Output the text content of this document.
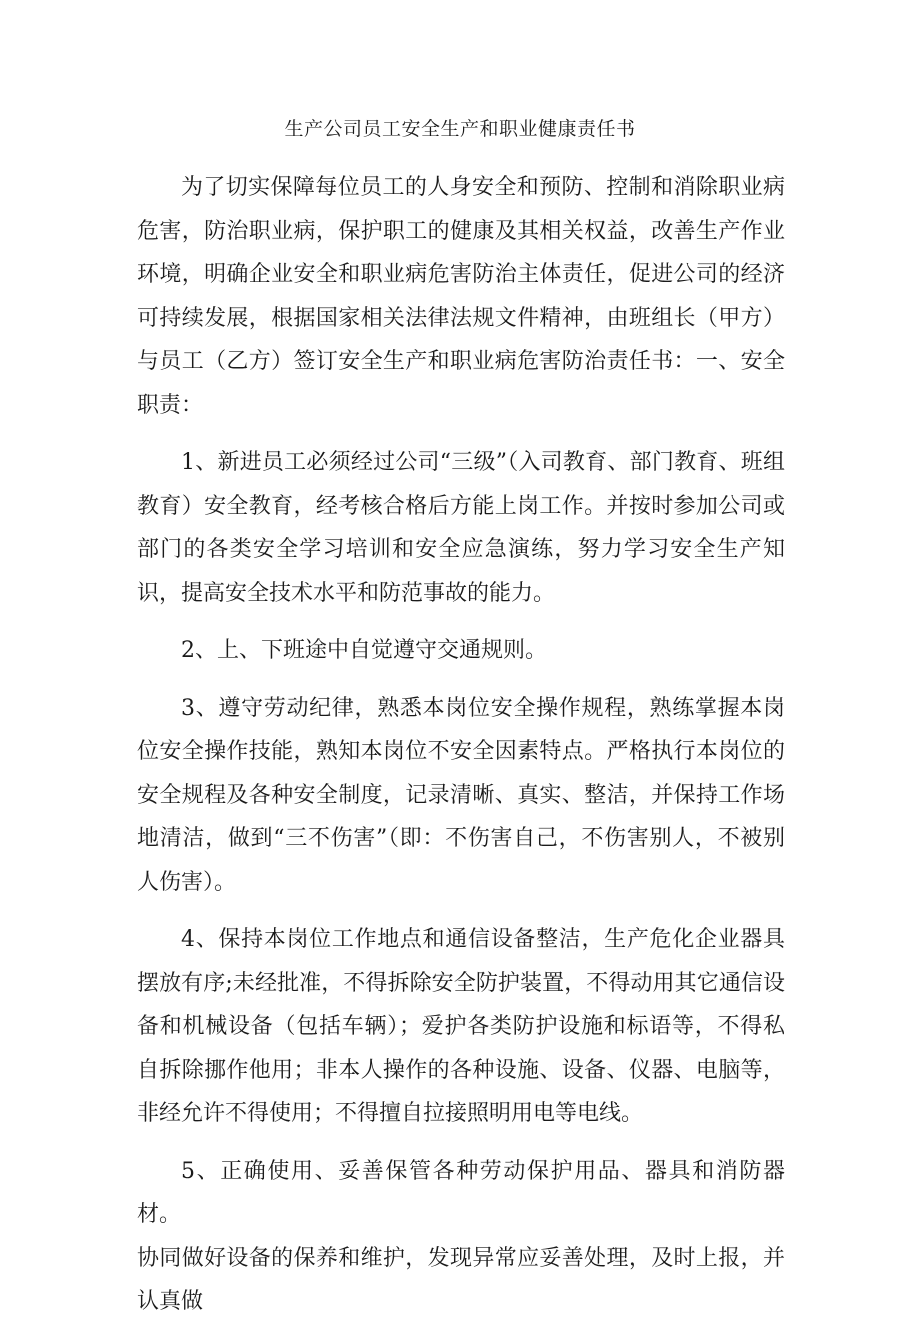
生产公司员工安全生产和职业健康责任书

为了切实保障每位员工的人身安全和预防、控制和消除职业病危害，防治职业病，保护职工的健康及其相关权益，改善生产作业环境，明确企业安全和职业病危害防治主体责任，促进公司的经济可持续发展，根据国家相关法律法规文件精神，由班组长（甲方）与员工（乙方）签订安全生产和职业病危害防治责任书：一、安全职责：

1、新进员工必须经过公司“三级”（入司教育、部门教育、班组教育）安全教育，经考核合格后方能上岗工作。并按时参加公司或部门的各类安全学习培训和安全应急演练，努力学习安全生产知识，提高安全技术水平和防范事故的能力。

2、上、下班途中自觉遵守交通规则。

3、遵守劳动纪律，熟悉本岗位安全操作规程，熟练掌握本岗位安全操作技能，熟知本岗位不安全因素特点。严格执行本岗位的安全规程及各种安全制度，记录清晰、真实、整洁，并保持工作场地清洁，做到“三不伤害”（即：不伤害自己，不伤害别人，不被别人伤害）。

4、保持本岗位工作地点和通信设备整洁，生产危化企业器具摆放有序;未经批准，不得拆除安全防护装置，不得动用其它通信设备和机械设备（包括车辆）；爱护各类防护设施和标语等，不得私自拆除挪作他用；非本人操作的各种设施、设备、仪器、电脑等，非经允许不得使用；不得擅自拉接照明用电等电线。

5、正确使用、妥善保管各种劳动保护用品、器具和消防器材。

协同做好设备的保养和维护，发现异常应妥善处理，及时上报，并认真做
